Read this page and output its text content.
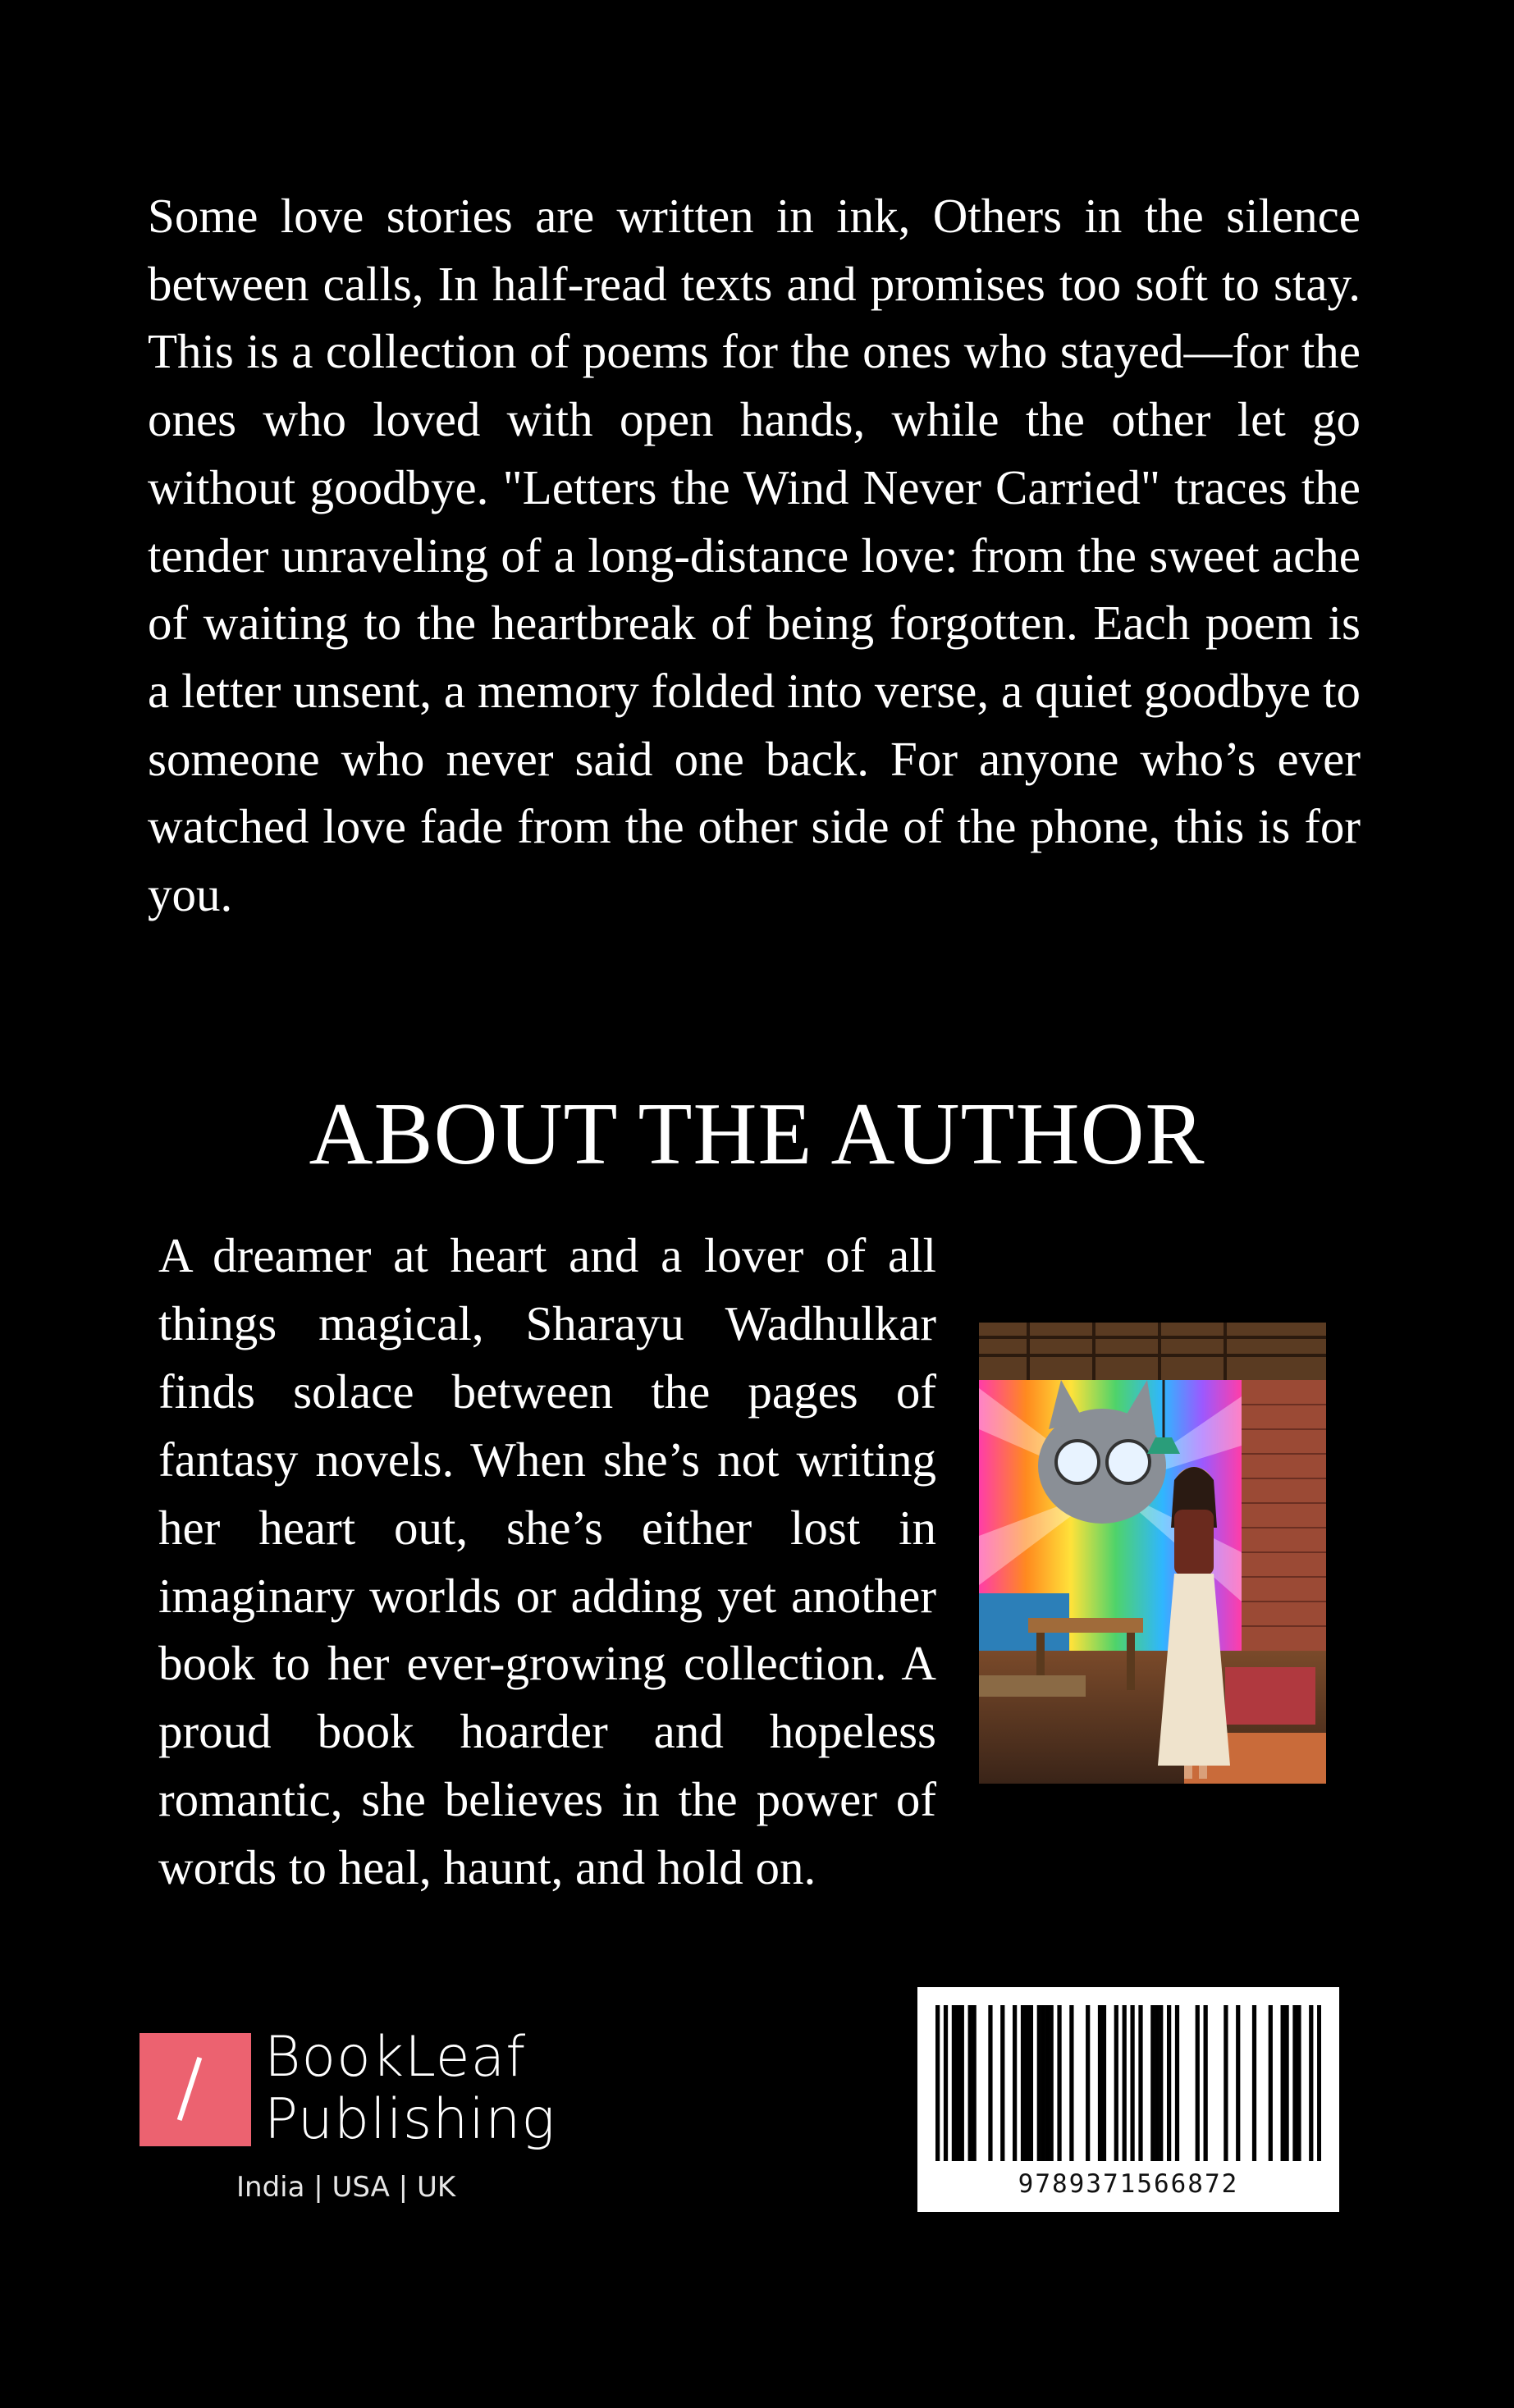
Some love stories are written in ink, Others in the silence between calls, In half-read texts and promises too soft to stay. This is a collection of poems for the ones who stayed—for the ones who loved with open hands, while the other let go without goodbye. "Letters the Wind Never Carried" traces the tender unraveling of a long-distance love: from the sweet ache of waiting to the heartbreak of being forgotten. Each poem is a letter unsent, a memory folded into verse, a quiet goodbye to someone who never said one back. For anyone who’s ever watched love fade from the other side of the phone, this is for you.

ABOUT THE AUTHOR

A dreamer at heart and a lover of all things magical, Sharayu Wadhulkar finds solace between the pages of fantasy novels. When she’s not writing her heart out, she’s either lost in imaginary worlds or adding yet another book to her ever-growing collection. A proud book hoarder and hopeless romantic, she believes in the power of words to heal, haunt, and hold on.

BookLeaf
Publishing
India | USA | UK	9789371566872
